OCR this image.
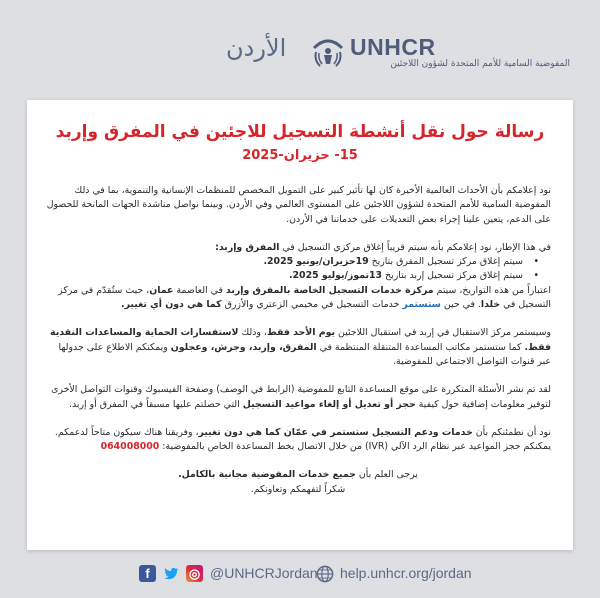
الأردن	UNHCR
المفوضية السامية للأمم المتحدة لشؤون اللاجئين
رسالة حول نقل أنشطة التسجيل للاجئين في المفرق وإربد
15- حزيران-2025

نود إعلامكم بأن الأحداث العالمية الأخيرة كان لها تأثير كبير على التمويل المخصص للمنظمات الإنسانية والتنموية، بما في ذلك المفوضية السامية للأمم المتحدة لشؤون اللاجئين على المستوى العالمي وفي الأردن. وبينما نواصل مناشدة الجهات المانحة للحصول على الدعم، يتعين علينا إجراء بعض التعديلات على خدماتنا في الأردن.

في هذا الإطار، نود إعلامكم بأنه سيتم قريباً إغلاق مركزي التسجيل في المفرق وإربد:

• سيتم إغلاق مركز تسجيل المفرق بتاريخ 19حزيران/يونيو 2025.

• سيتم إغلاق مركز تسجيل إربد بتاريخ 13تموز/يوليو 2025.

اعتباراً من هذه التواريخ، سيتم مركزة خدمات التسجيل الخاصة بالمفرق وإربد في العاصمة عمان، حيث ستُقدّم في مركز التسجيل في خلدا. في حين ستستمر خدمات التسجيل في مخيمي الزعتري والأزرق كما هي دون أي تغيير.

وسيستمر مركز الاستقبال في إربد في استقبال اللاجئين يوم الأحد فقط، وذلك لاستفسارات الحماية والمساعدات النقدية فقط. كما ستستمر مكاتب المساعدة المتنقلة المنتظمة في المفرق، وإربد، وجرش، وعجلون ويمكنكم الاطلاع على جدولها عبر قنوات التواصل الاجتماعي للمفوضية.

لقد تم نشر الأسئلة المتكررة على موقع المساعدة التابع للمفوضية (الرابط في الوصف) وصفحة الفيسبوك وقنوات التواصل الأخرى لتوفير معلومات إضافية حول كيفية حجز أو تعديل أو إلغاء مواعيد التسجيل التي حصلتم عليها مسبقاً في المفرق أو إربد.

نود أن نطمئنكم بأن خدمات ودعم التسجيل ستستمر في عمّان كما هي دون تغيير، وفريقنا هناك سيكون متاحاً لدعمكم. يمكنكم حجز المواعيد عبر نظام الرد الآلي (IVR) من خلال الاتصال بخط المساعدة الخاص بالمفوضية: 064008000

يرجى العلم بأن جميع خدمات المفوضية مجانية بالكامل.

شكراً لتفهمكم وتعاونكم.

f	◎ @UNHCRJordan help.unhcr.org/jordan
